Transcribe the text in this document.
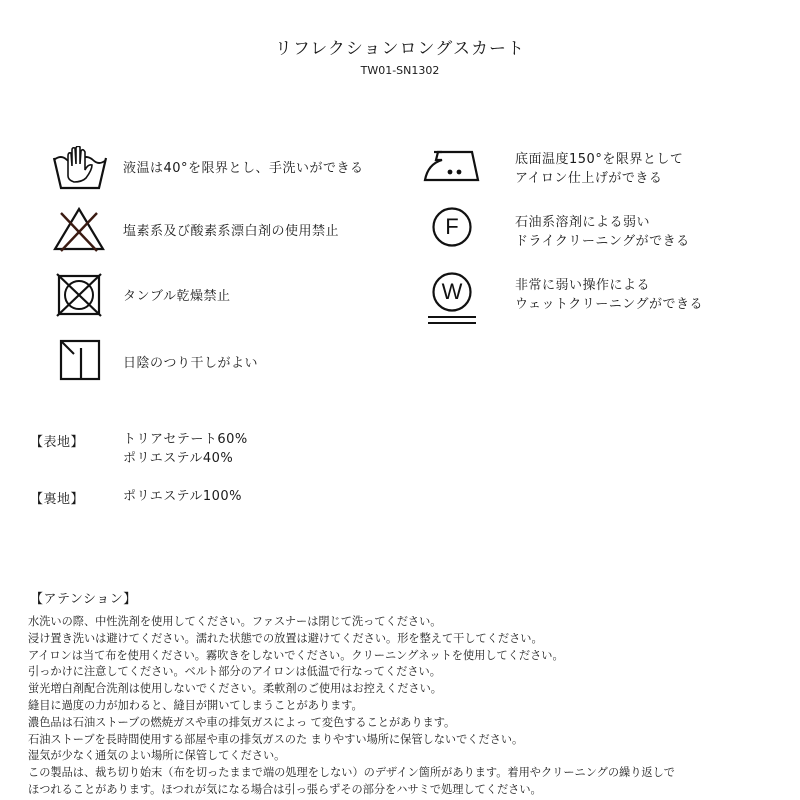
リフレクションロングスカート
TW01-SN1302
液温は40°を限界とし、手洗いができる
塩素系及び酸素系漂白剤の使用禁止
タンブル乾燥禁止
日陰のつり干しがよい
底面温度150°を限界として
アイロン仕上げができる
F	石油系溶剤による弱い
ドライクリーニングができる
W	非常に弱い操作による
ウェットクリーニングができる
【表地】	トリアセテート60%
ポリエステル40%
【裏地】	ポリエステル100%
【アテンション】
水洗いの際、中性洗剤を使用してください。ファスナーは閉じて洗ってください。
浸け置き洗いは避けてください。濡れた状態での放置は避けてください。形を整えて干してください。
アイロンは当て布を使用ください。霧吹きをしないでください。クリーニングネットを使用してください。
引っかけに注意してください。ベルト部分のアイロンは低温で行なってください。
蛍光増白剤配合洗剤は使用しないでください。柔軟剤のご使用はお控えください。
縫目に過度の力が加わると、縫目が開いてしまうことがあります。
濃色品は石油ストーブの燃焼ガスや車の排気ガスによっ て変色することがあります。
石油ストーブを長時間使用する部屋や車の排気ガスのた まりやすい場所に保管しないでください。
湿気が少なく通気のよい場所に保管してください。
この製品は、裁ち切り始末（布を切ったままで端の処理をしない）のデザイン箇所があります。着用やクリーニングの繰り返しで
ほつれることがあります。ほつれが気になる場合は引っ張らずその部分をハサミで処理してください。
